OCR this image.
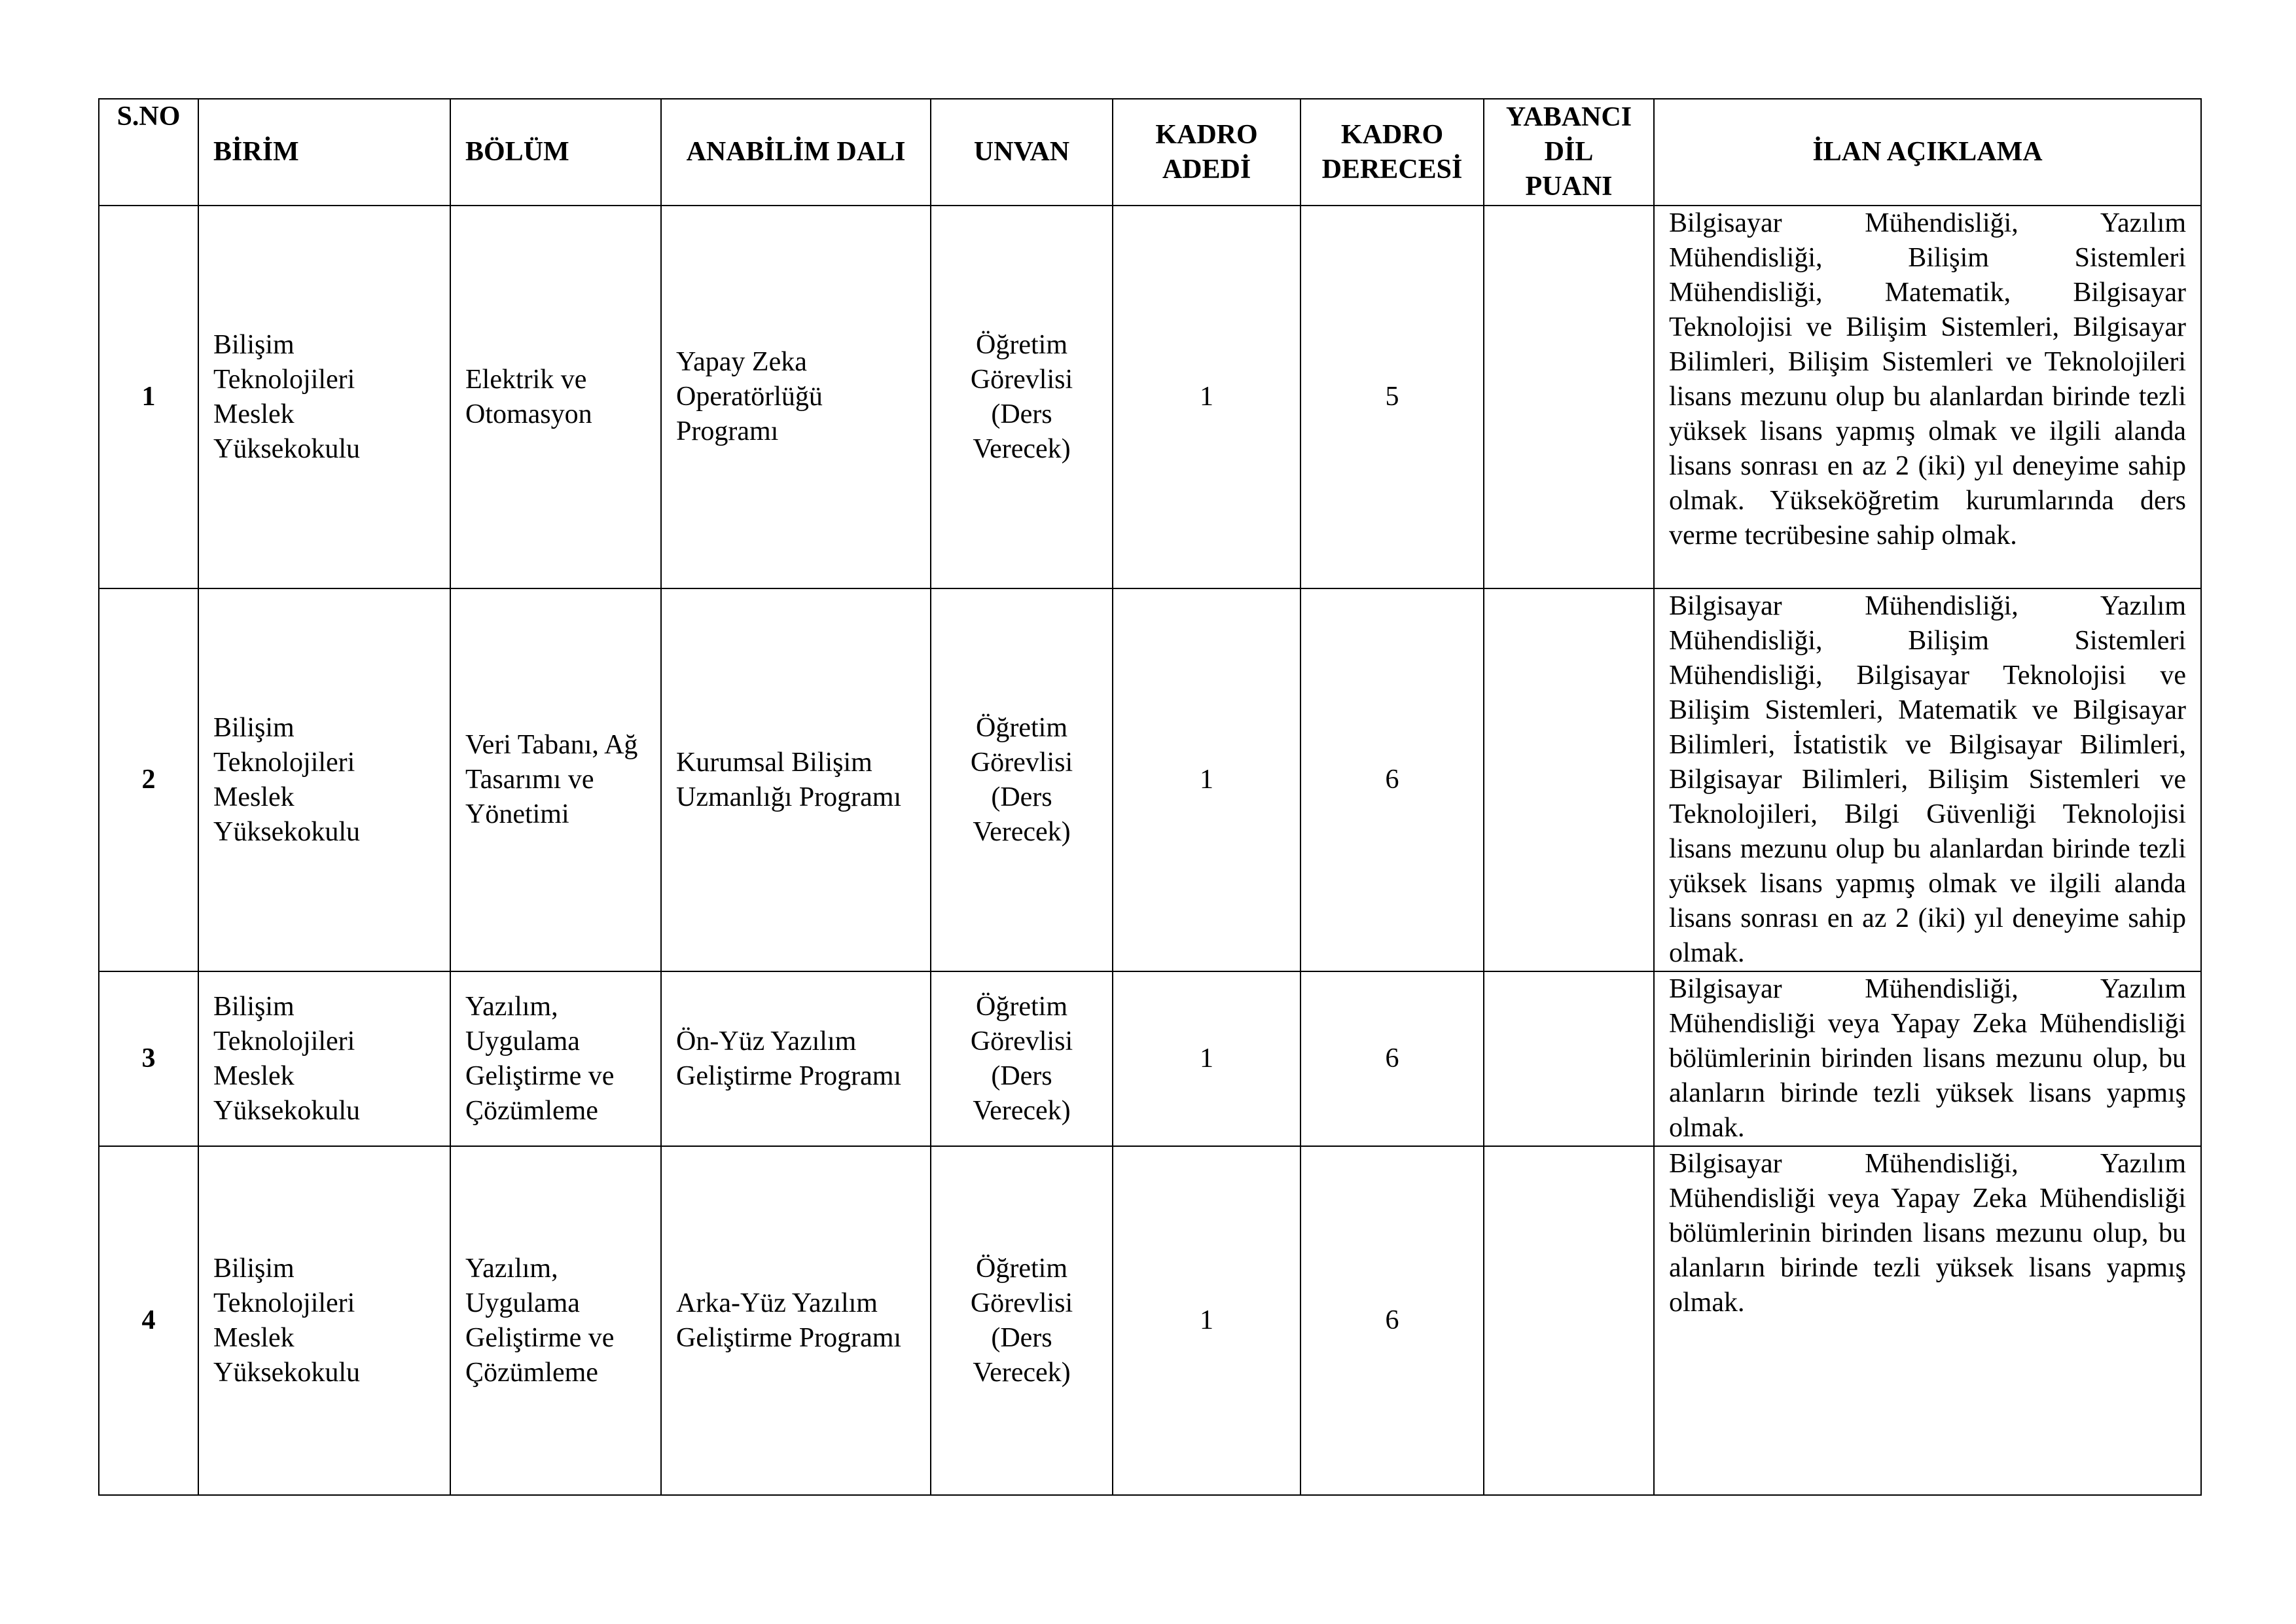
S.NO	BİRİM	BÖLÜM	ANABİLİM DALI	UNVAN	KADRO ADEDİ	KADRO DERECESİ	YABANCI DİL PUANI	İLAN AÇIKLAMA
1	Bilişim Teknolojileri Meslek Yüksekokulu	Elektrik ve Otomasyon	Yapay Zeka Operatörlüğü Programı	Öğretim Görevlisi (Ders Verecek)	1	5		Bilgisayar Mühendisliği, Yazılım Mühendisliği, Bilişim Sistemleri Mühendisliği, Matematik, Bilgisayar Teknolojisi ve Bilişim Sistemleri, Bilgisayar Bilimleri, Bilişim Sistemleri ve Teknolojileri lisans mezunu olup bu alanlardan birinde tezli yüksek lisans yapmış olmak ve ilgili alanda lisans sonrası en az 2 (iki) yıl deneyime sahip olmak. Yükseköğretim kurumlarında ders verme tecrübesine sahip olmak.
2	Bilişim Teknolojileri Meslek Yüksekokulu	Veri Tabanı, Ağ Tasarımı ve Yönetimi	Kurumsal Bilişim Uzmanlığı Programı	Öğretim Görevlisi (Ders Verecek)	1	6		Bilgisayar Mühendisliği, Yazılım Mühendisliği, Bilişim Sistemleri Mühendisliği, Bilgisayar Teknolojisi ve Bilişim Sistemleri, Matematik ve Bilgisayar Bilimleri, İstatistik ve Bilgisayar Bilimleri, Bilgisayar Bilimleri, Bilişim Sistemleri ve Teknolojileri, Bilgi Güvenliği Teknolojisi lisans mezunu olup bu alanlardan birinde tezli yüksek lisans yapmış olmak ve ilgili alanda lisans sonrası en az 2 (iki) yıl deneyime sahip olmak.
3	Bilişim Teknolojileri Meslek Yüksekokulu	Yazılım, Uygulama Geliştirme ve Çözümleme	Ön-Yüz Yazılım Geliştirme Programı	Öğretim Görevlisi (Ders Verecek)	1	6		Bilgisayar Mühendisliği, Yazılım Mühendisliği veya Yapay Zeka Mühendisliği bölümlerinin birinden lisans mezunu olup, bu alanların birinde tezli yüksek lisans yapmış olmak.
4	Bilişim Teknolojileri Meslek Yüksekokulu	Yazılım, Uygulama Geliştirme ve Çözümleme	Arka-Yüz Yazılım Geliştirme Programı	Öğretim Görevlisi (Ders Verecek)	1	6		Bilgisayar Mühendisliği, Yazılım Mühendisliği veya Yapay Zeka Mühendisliği bölümlerinin birinden lisans mezunu olup, bu alanların birinde tezli yüksek lisans yapmış olmak.
